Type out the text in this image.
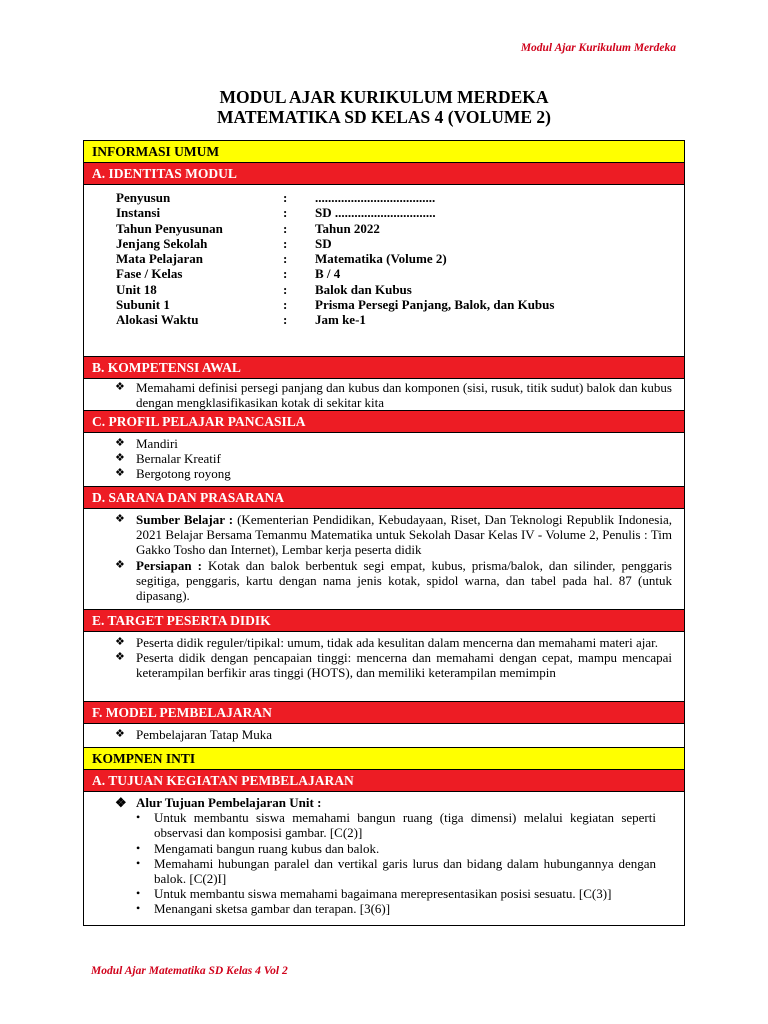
Modul Ajar Kurikulum Merdeka
MODUL AJAR KURIKULUM MERDEKA
MATEMATIKA SD KELAS 4 (VOLUME 2)
INFORMASI UMUM
A. IDENTITAS MODUL
Penyusun	:	.....................................
Instansi	:	SD ...............................
Tahun Penyusunan	:	Tahun 2022
Jenjang Sekolah	:	SD
Mata Pelajaran	:	Matematika (Volume 2)
Fase / Kelas	:	B / 4
Unit 18	:	Balok dan Kubus
Subunit 1	:	Prisma Persegi Panjang, Balok, dan Kubus
Alokasi Waktu	:	Jam ke-1
B. KOMPETENSI AWAL
❖ Memahami definisi persegi panjang dan kubus dan komponen (sisi, rusuk, titik sudut) balok dan kubus dengan mengklasifikasikan kotak di sekitar kita
C. PROFIL PELAJAR PANCASILA
❖ Mandiri
❖ Bernalar Kreatif
❖ Bergotong royong
D. SARANA DAN PRASARANA
❖ Sumber Belajar : (Kementerian Pendidikan, Kebudayaan, Riset, Dan Teknologi Republik Indonesia, 2021 Belajar Bersama Temanmu Matematika untuk Sekolah Dasar Kelas IV - Volume 2, Penulis : Tim Gakko Tosho dan Internet), Lembar kerja peserta didik
❖ Persiapan : Kotak dan balok berbentuk segi empat, kubus, prisma/balok, dan silinder, penggaris segitiga, penggaris, kartu dengan nama jenis kotak, spidol warna, dan tabel pada hal. 87 (untuk dipasang).
E. TARGET PESERTA DIDIK
❖ Peserta didik reguler/tipikal: umum, tidak ada kesulitan dalam mencerna dan memahami materi ajar.
❖ Peserta didik dengan pencapaian tinggi: mencerna dan memahami dengan cepat, mampu mencapai keterampilan berfikir aras tinggi (HOTS), dan memiliki keterampilan memimpin
F. MODEL PEMBELAJARAN
❖ Pembelajaran Tatap Muka
KOMPNEN INTI
A. TUJUAN KEGIATAN PEMBELAJARAN
❖ Alur Tujuan Pembelajaran Unit :
• Untuk membantu siswa memahami bangun ruang (tiga dimensi) melalui kegiatan seperti observasi dan komposisi gambar. [C(2)]
• Mengamati bangun ruang kubus dan balok.
• Memahami hubungan paralel dan vertikal garis lurus dan bidang dalam hubungannya dengan balok. [C(2)I]
• Untuk membantu siswa memahami bagaimana merepresentasikan posisi sesuatu. [C(3)]
• Menangani sketsa gambar dan terapan. [3(6)]
Modul Ajar Matematika SD Kelas 4 Vol 2
